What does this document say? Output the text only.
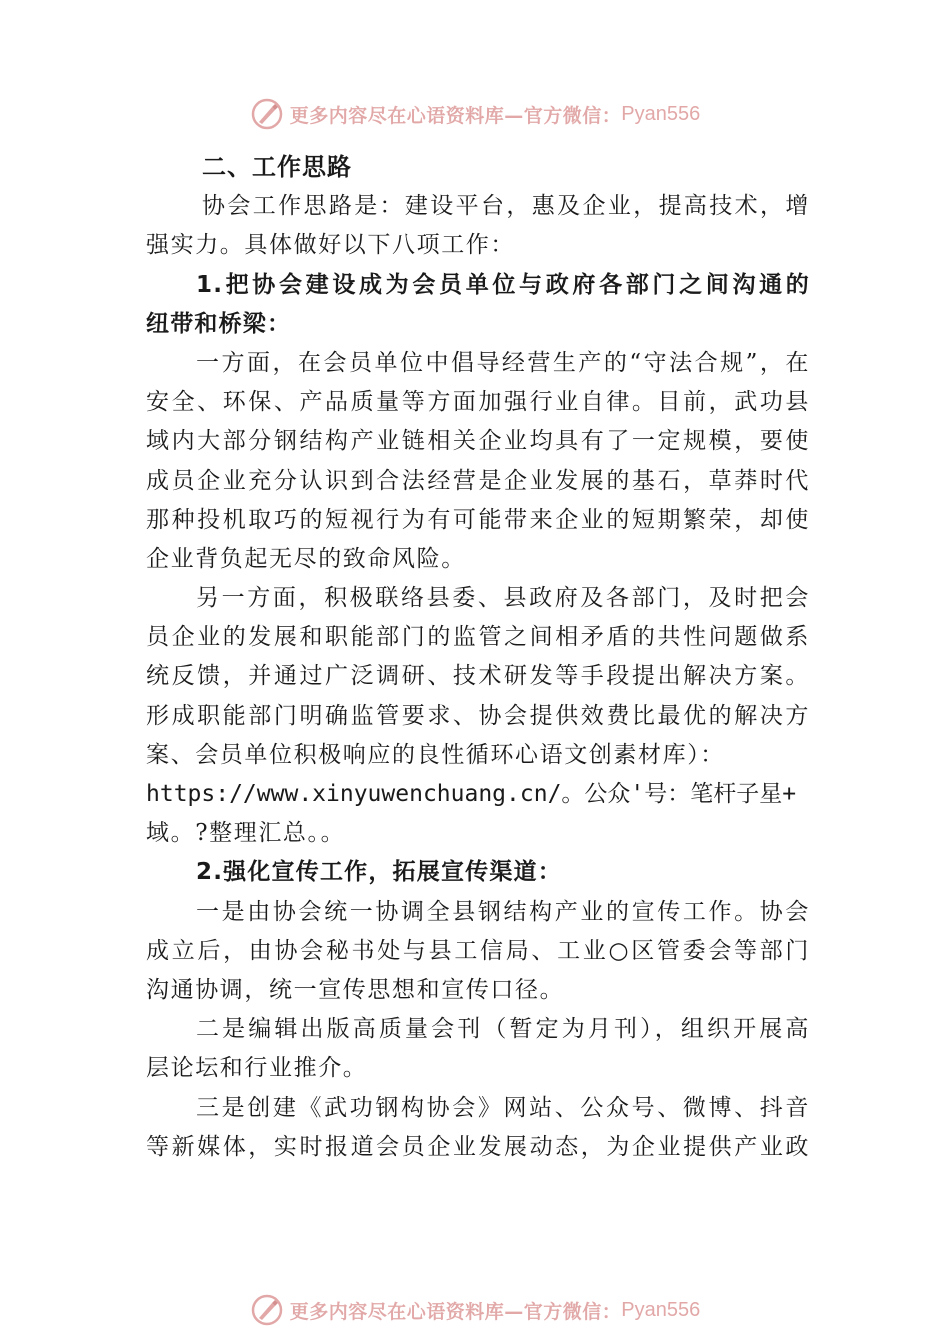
更多内容尽在心语资料库—官方微信： Pyan556
二、工作思路
协会工作思路是：建设平台，惠及企业，提高技术，增
强实力。具体做好以下八项工作：
1.把协会建设成为会员单位与政府各部门之间沟通的
纽带和桥梁：
一方面，在会员单位中倡导经营生产的“守法合规”，在
安全、环保、产品质量等方面加强行业自律。目前，武功县
域内大部分钢结构产业链相关企业均具有了一定规模，要使
成员企业充分认识到合法经营是企业发展的基石，草莽时代
那种投机取巧的短视行为有可能带来企业的短期繁荣，却使
企业背负起无尽的致命风险。
另一方面，积极联络县委、县政府及各部门，及时把会
员企业的发展和职能部门的监管之间相矛盾的共性问题做系
统反馈，并通过广泛调研、技术研发等手段提出解决方案。
形成职能部门明确监管要求、协会提供效费比最优的解决方
案、会员单位积极响应的良性循环心语文创素材库）：
https://www.xinyuwenchuang.cn/。公众'号：笔杆子星+
域。?整理汇总。。
2.强化宣传工作，拓展宣传渠道：
一是由协会统一协调全县钢结构产业的宣传工作。协会
成立后，由协会秘书处与县工信局、工业○区管委会等部门
沟通协调，统一宣传思想和宣传口径。
二是编辑出版高质量会刊（暂定为月刊），组织开展高
层论坛和行业推介。
三是创建《武功钢构协会》网站、公众号、微博、抖音
等新媒体，实时报道会员企业发展动态，为企业提供产业政
更多内容尽在心语资料库—官方微信： Pyan556
